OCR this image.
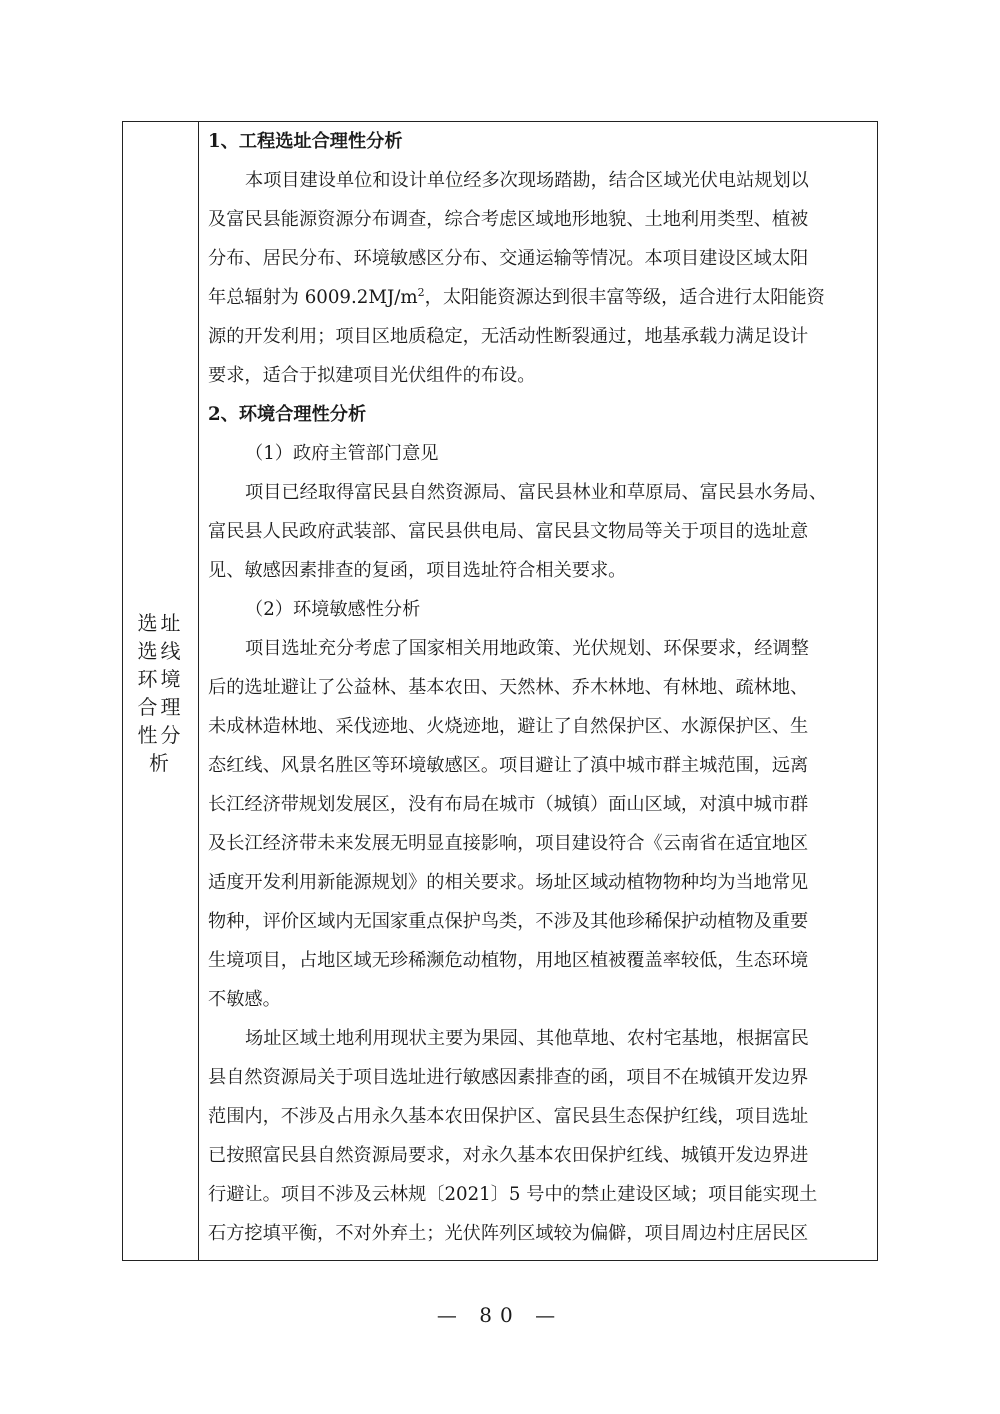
选址
选线
环境
合理
性分
析
1、工程选址合理性分析
本项目建设单位和设计单位经多次现场踏勘，结合区域光伏电站规划以
及富民县能源资源分布调查，综合考虑区域地形地貌、土地利用类型、植被
分布、居民分布、环境敏感区分布、交通运输等情况。本项目建设区域太阳
年总辐射为 $6009.2MJ/m^2$，太阳能资源达到很丰富等级，适合进行太阳能资
源的开发利用；项目区地质稳定，无活动性断裂通过，地基承载力满足设计
要求，适合于拟建项目光伏组件的布设。
2、环境合理性分析
（1）政府主管部门意见
项目已经取得富民县自然资源局、富民县林业和草原局、富民县水务局、
富民县人民政府武装部、富民县供电局、富民县文物局等关于项目的选址意
见、敏感因素排查的复函，项目选址符合相关要求。
（2）环境敏感性分析
项目选址充分考虑了国家相关用地政策、光伏规划、环保要求，经调整
后的选址避让了公益林、基本农田、天然林、乔木林地、有林地、疏林地、
未成林造林地、采伐迹地、火烧迹地，避让了自然保护区、水源保护区、生
态红线、风景名胜区等环境敏感区。项目避让了滇中城市群主城范围，远离
长江经济带规划发展区，没有布局在城市（城镇）面山区域，对滇中城市群
及长江经济带未来发展无明显直接影响，项目建设符合《云南省在适宜地区
适度开发利用新能源规划》的相关要求。场址区域动植物物种均为当地常见
物种，评价区域内无国家重点保护鸟类，不涉及其他珍稀保护动植物及重要
生境项目，占地区域无珍稀濒危动植物，用地区植被覆盖率较低，生态环境
不敏感。
场址区域土地利用现状主要为果园、其他草地、农村宅基地，根据富民
县自然资源局关于项目选址进行敏感因素排查的函，项目不在城镇开发边界
范围内，不涉及占用永久基本农田保护区、富民县生态保护红线，项目选址
已按照富民县自然资源局要求，对永久基本农田保护红线、城镇开发边界进
行避让。项目不涉及云林规〔2021〕5 号中的禁止建设区域；项目能实现土
石方挖填平衡，不对外弃土；光伏阵列区域较为偏僻，项目周边村庄居民区
— 80 —
